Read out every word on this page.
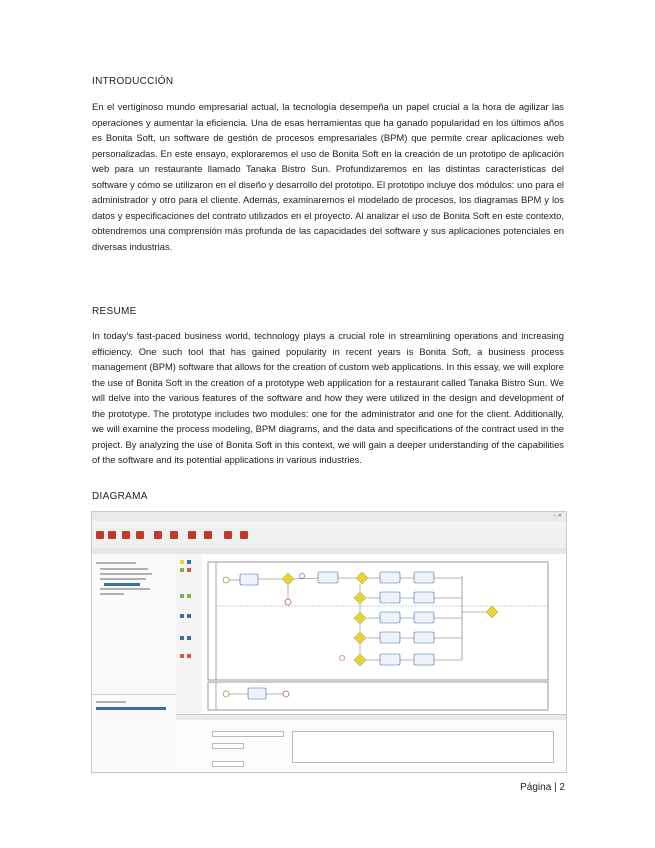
INTRODUCCIÓN
En el vertiginoso mundo empresarial actual, la tecnología desempeña un papel crucial a la hora de agilizar las operaciones y aumentar la eficiencia. Una de esas herramientas que ha ganado popularidad en los últimos años es Bonita Soft, un software de gestión de procesos empresariales (BPM) que permite crear aplicaciones web personalizadas. En este ensayo, exploraremos el uso de Bonita Soft en la creación de un prototipo de aplicación web para un restaurante llamado Tanaka Bistro Sun. Profundizaremos en las distintas características del software y cómo se utilizaron en el diseño y desarrollo del prototipo. El prototipo incluye dos módulos: uno para el administrador y otro para el cliente. Además, examinaremos el modelado de procesos, los diagramas BPM y los datos y especificaciones del contrato utilizados en el proyecto. Al analizar el uso de Bonita Soft en este contexto, obtendremos una comprensión más profunda de las capacidades del software y sus aplicaciones potenciales en diversas industrias.
RESUME
In today's fast-paced business world, technology plays a crucial role in streamlining operations and increasing efficiency. One such tool that has gained popularity in recent years is Bonita Soft, a business process management (BPM) software that allows for the creation of custom web applications. In this essay, we will explore the use of Bonita Soft in the creation of a prototype web application for a restaurant called Tanaka Bistro Sun. We will delve into the various features of the software and how they were utilized in the design and development of the prototype. The prototype includes two modules: one for the administrator and one for the client. Additionally, we will examine the process modeling, BPM diagrams, and the data and specifications of the contract used in the project. By analyzing the use of Bonita Soft in this context, we will gain a deeper understanding of the capabilities of the software and its potential applications in various industries.
DIAGRAMA
– ✕
Página | 2
